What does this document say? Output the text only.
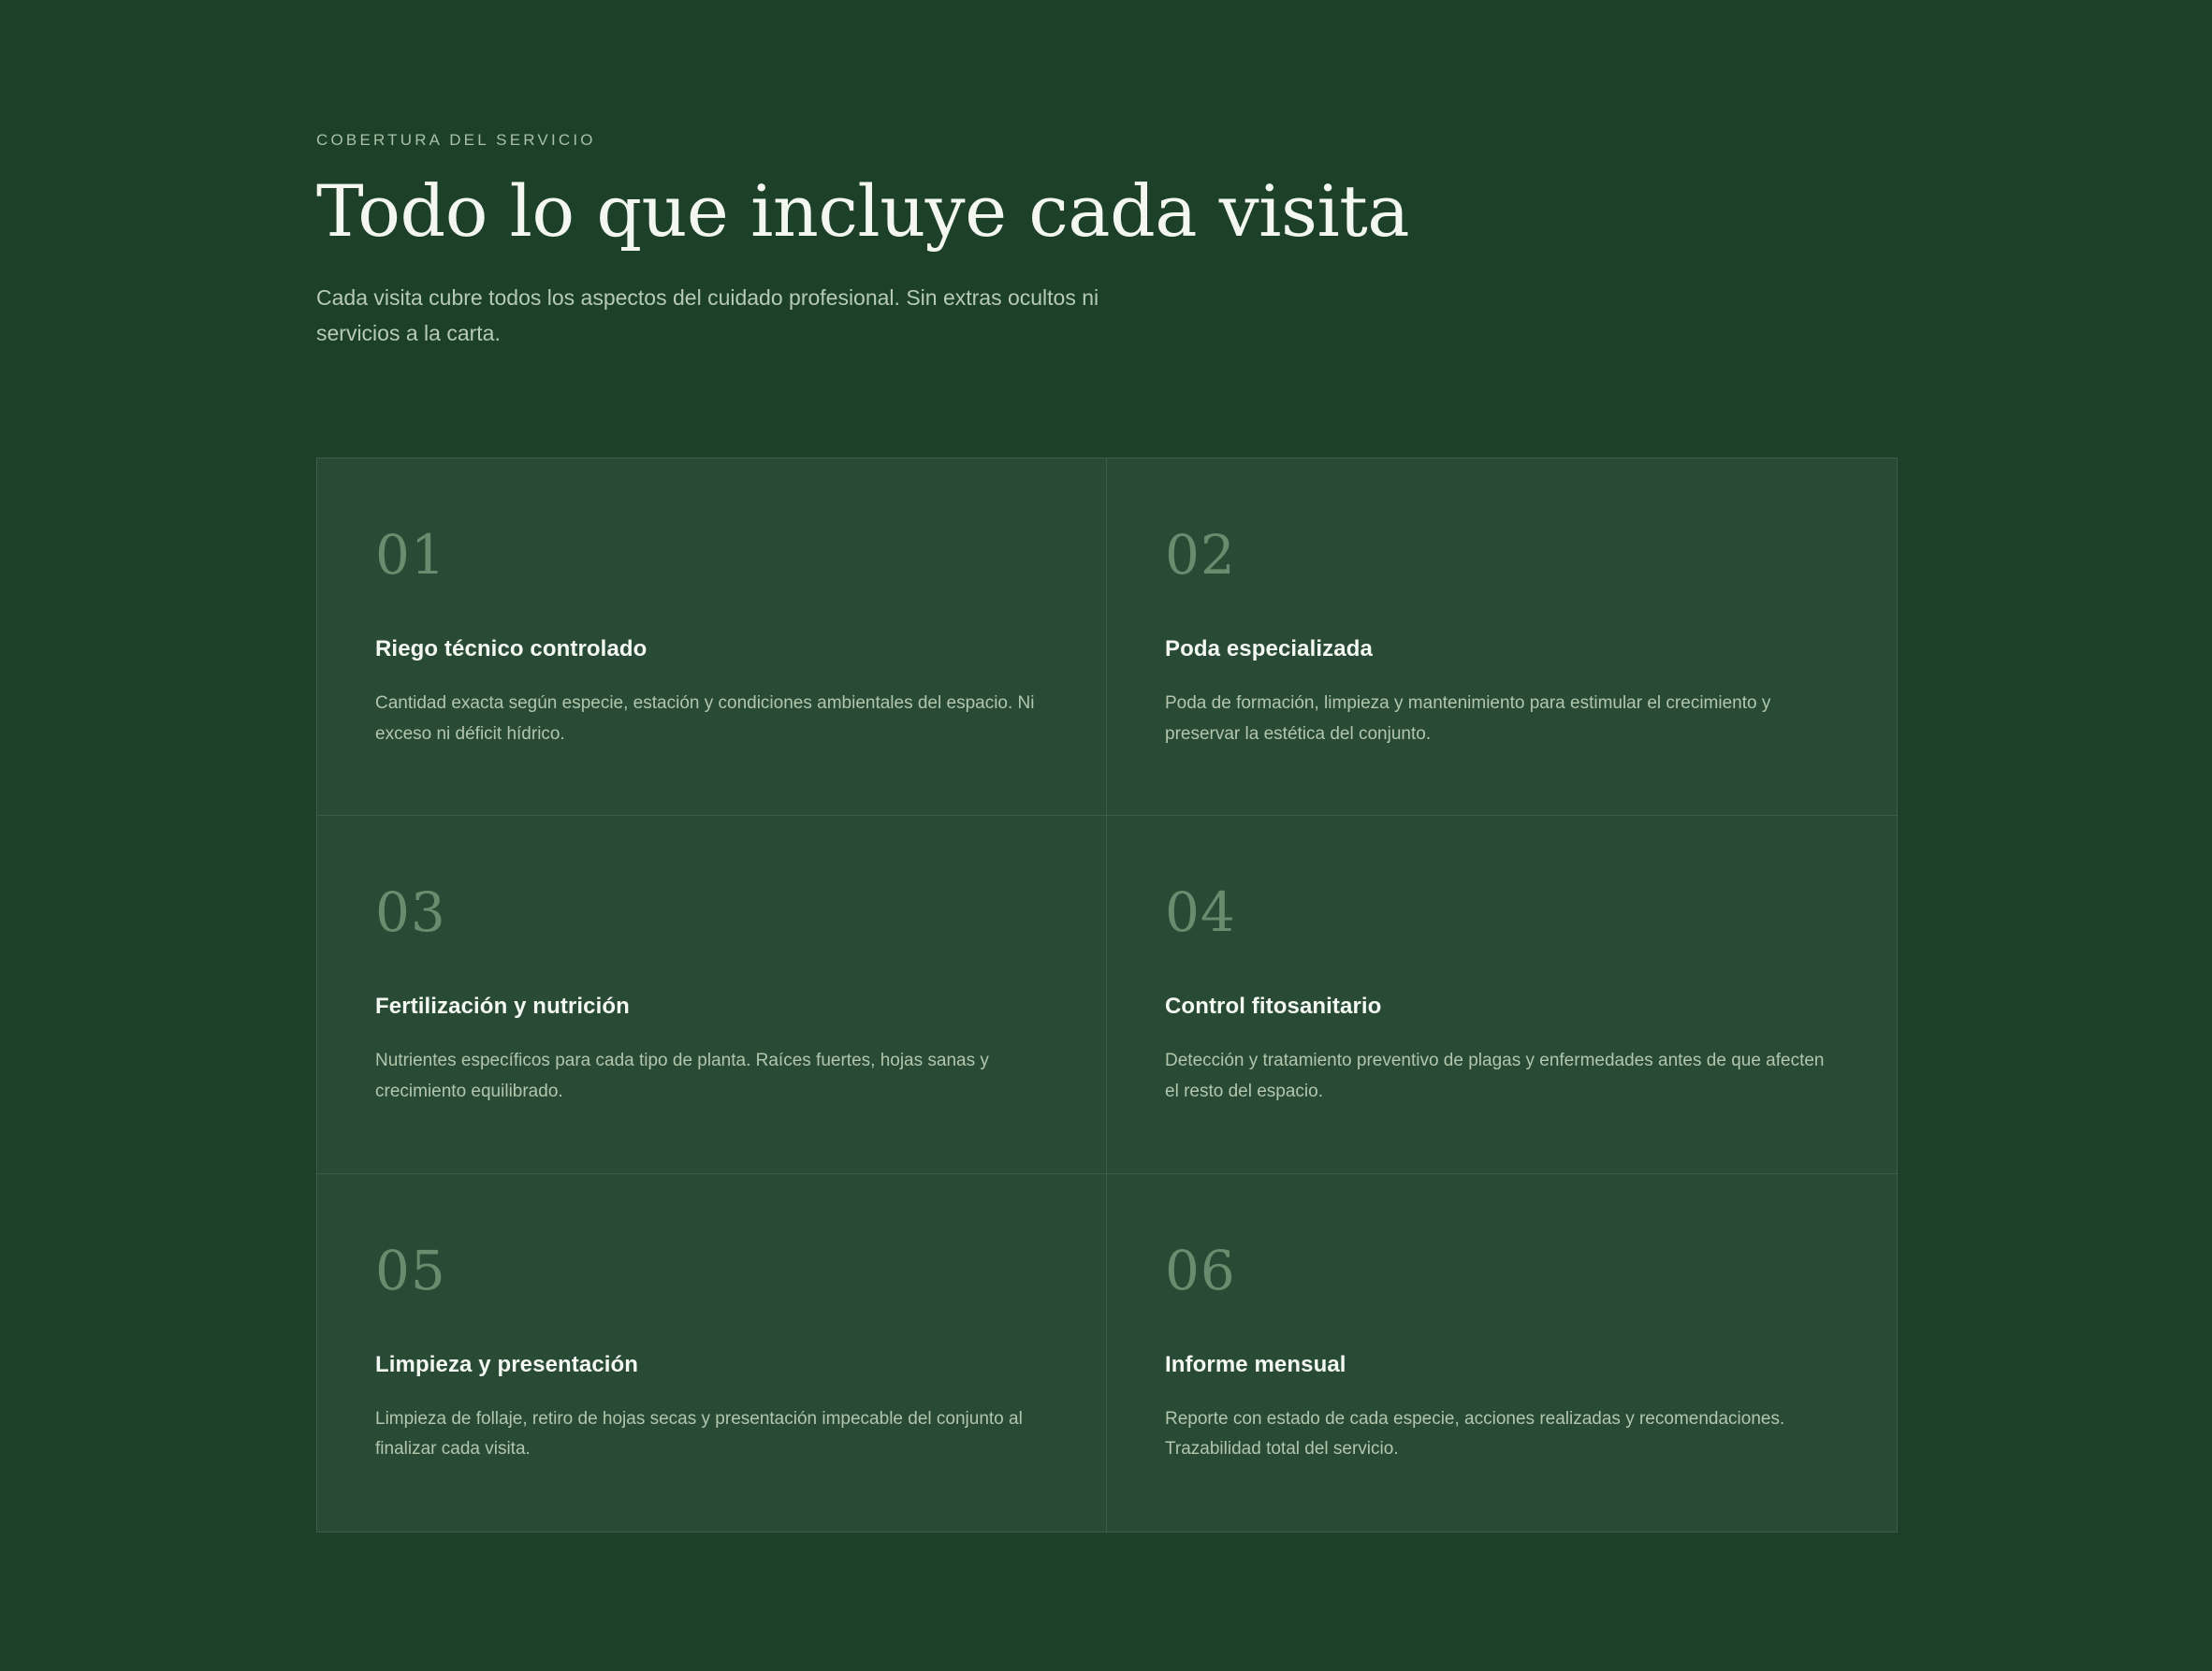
COBERTURA DEL SERVICIO

Todo lo que incluye cada visita

Cada visita cubre todos los aspectos del cuidado profesional. Sin extras ocultos ni servicios a la carta.

01
Riego técnico controlado

Cantidad exacta según especie, estación y condiciones ambientales del espacio. Ni exceso ni déficit hídrico.

02
Poda especializada

Poda de formación, limpieza y mantenimiento para estimular el crecimiento y preservar la estética del conjunto.

03
Fertilización y nutrición

Nutrientes específicos para cada tipo de planta. Raíces fuertes, hojas sanas y crecimiento equilibrado.

04
Control fitosanitario

Detección y tratamiento preventivo de plagas y enfermedades antes de que afecten el resto del espacio.

05
Limpieza y presentación

Limpieza de follaje, retiro de hojas secas y presentación impecable del conjunto al finalizar cada visita.

06
Informe mensual

Reporte con estado de cada especie, acciones realizadas y recomendaciones. Trazabilidad total del servicio.
